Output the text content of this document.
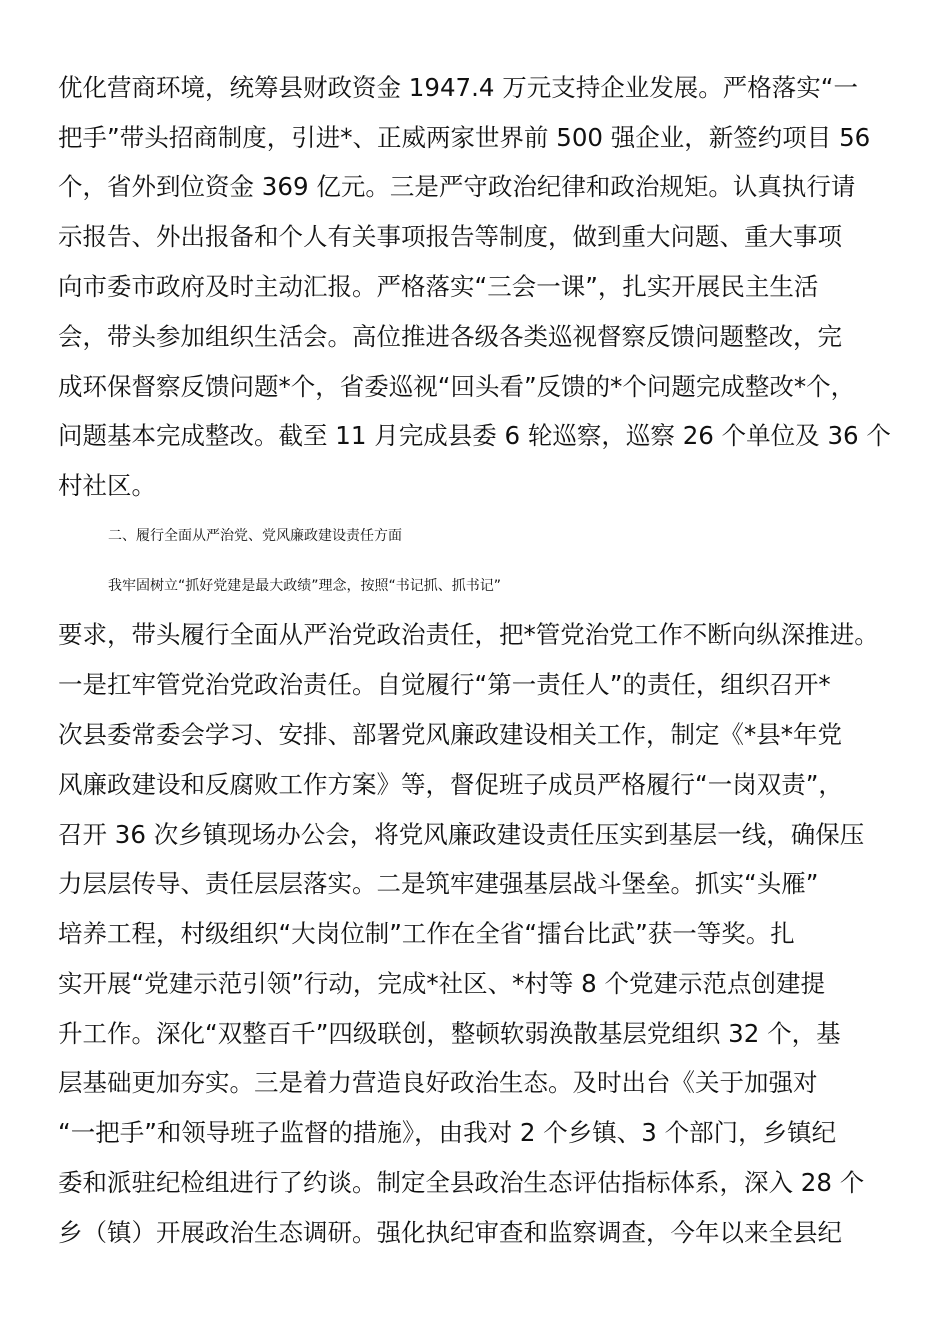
优化营商环境，统筹县财政资金 1947.4 万元支持企业发展。严格落实“一
把手”带头招商制度，引进*、正威两家世界前 500 强企业，新签约项目 56
个，省外到位资金 369 亿元。三是严守政治纪律和政治规矩。认真执行请
示报告、外出报备和个人有关事项报告等制度，做到重大问题、重大事项
向市委市政府及时主动汇报。严格落实“三会一课”，扎实开展民主生活
会，带头参加组织生活会。高位推进各级各类巡视督察反馈问题整改，完
成环保督察反馈问题*个，省委巡视“回头看”反馈的*个问题完成整改*个，
问题基本完成整改。截至 11 月完成县委 6 轮巡察，巡察 26 个单位及 36 个
村社区。
二、履行全面从严治党、党风廉政建设责任方面
我牢固树立“抓好党建是最大政绩”理念，按照“书记抓、抓书记”
要求，带头履行全面从严治党政治责任，把*管党治党工作不断向纵深推进。
一是扛牢管党治党政治责任。自觉履行“第一责任人”的责任，组织召开*
次县委常委会学习、安排、部署党风廉政建设相关工作，制定《*县*年党
风廉政建设和反腐败工作方案》等，督促班子成员严格履行“一岗双责”，
召开 36 次乡镇现场办公会，将党风廉政建设责任压实到基层一线，确保压
力层层传导、责任层层落实。二是筑牢建强基层战斗堡垒。抓实“头雁”
培养工程，村级组织“大岗位制”工作在全省“擂台比武”获一等奖。扎
实开展“党建示范引领”行动，完成*社区、*村等 8 个党建示范点创建提
升工作。深化“双整百千”四级联创，整顿软弱涣散基层党组织 32 个，基
层基础更加夯实。三是着力营造良好政治生态。及时出台《关于加强对
“一把手”和领导班子监督的措施》，由我对 2 个乡镇、3 个部门，乡镇纪
委和派驻纪检组进行了约谈。制定全县政治生态评估指标体系，深入 28 个
乡（镇）开展政治生态调研。强化执纪审查和监察调查，今年以来全县纪
